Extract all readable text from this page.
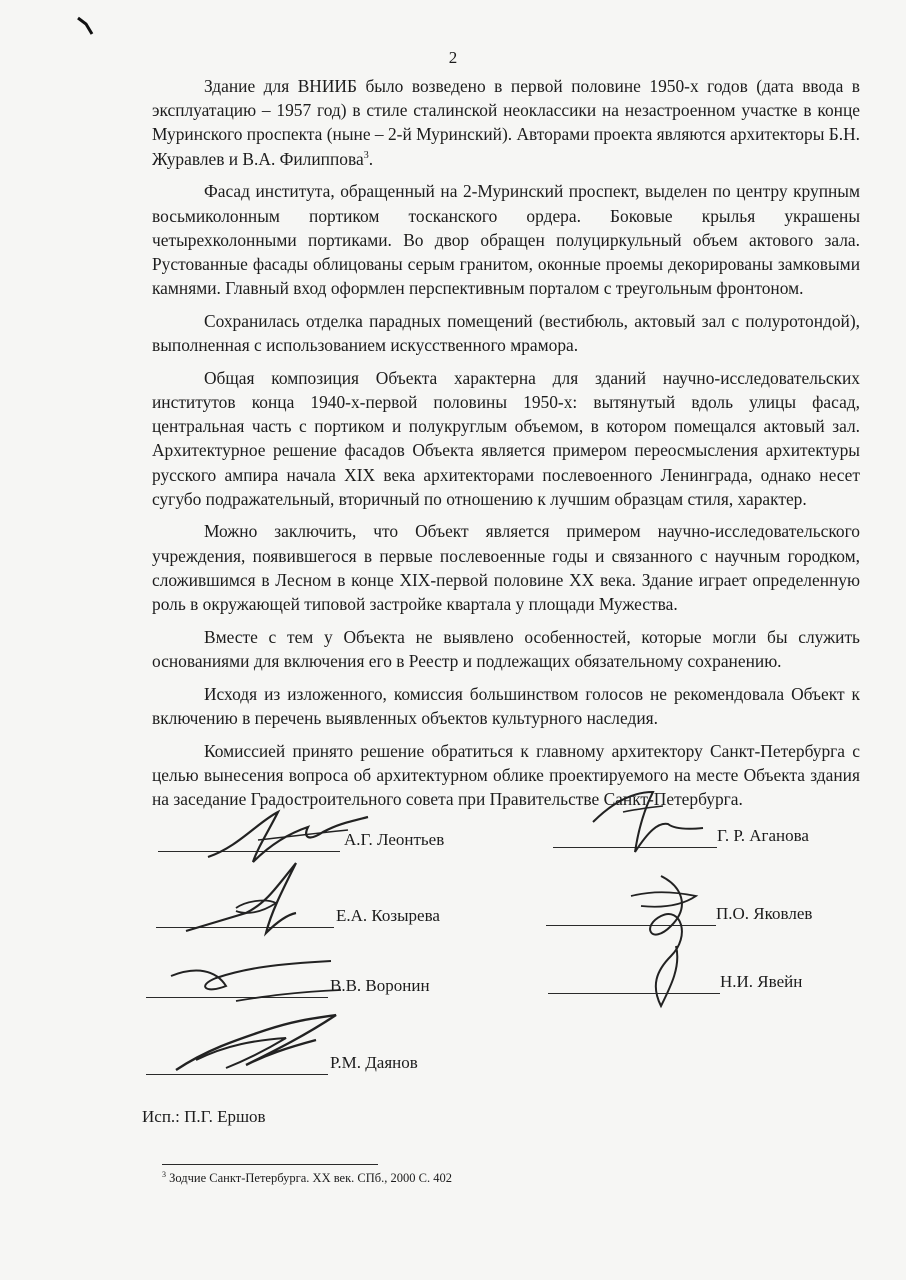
2

Здание для ВНИИБ было возведено в первой половине 1950-х годов (дата ввода в эксплуатацию – 1957 год) в стиле сталинской неоклассики на незастроенном участке в конце Муринского проспекта (ныне – 2-й Муринский). Авторами проекта являются архитекторы Б.Н. Журавлев и В.А. Филиппова$^3$.

Фасад института, обращенный на 2-Муринский проспект, выделен по центру крупным восьмиколонным портиком тосканского ордера. Боковые крылья украшены четырехколонными портиками. Во двор обращен полуциркульный объем актового зала. Рустованные фасады облицованы серым гранитом, оконные проемы декорированы замковыми камнями. Главный вход оформлен перспективным порталом с треугольным фронтоном.

Сохранилась отделка парадных помещений (вестибюль, актовый зал с полуротондой), выполненная с использованием искусственного мрамора.

Общая композиция Объекта характерна для зданий научно-исследовательских институтов конца 1940-х-первой половины 1950-х: вытянутый вдоль улицы фасад, центральная часть с портиком и полукруглым объемом, в котором помещался актовый зал. Архитектурное решение фасадов Объекта является примером переосмысления архитектуры русского ампира начала XIX века архитекторами послевоенного Ленинграда, однако несет сугубо подражательный, вторичный по отношению к лучшим образцам стиля, характер.

Можно заключить, что Объект является примером научно-исследовательского учреждения, появившегося в первые послевоенные годы и связанного с научным городком, сложившимся в Лесном в конце XIX-первой половине XX века. Здание играет определенную роль в окружающей типовой застройке квартала у площади Мужества.

Вместе с тем у Объекта не выявлено особенностей, которые могли бы служить основаниями для включения его в Реестр и подлежащих обязательному сохранению.

Исходя из изложенного, комиссия большинством голосов не рекомендовала Объект к включению в перечень выявленных объектов культурного наследия.

Комиссией принято решение обратиться к главному архитектору Санкт-Петербурга с целью вынесения вопроса об архитектурном облике проектируемого на месте Объекта здания на заседание Градостроительного совета при Правительстве Санкт-Петербурга.

А.Г. Леонтьев
Е.А. Козырева
В.В. Воронин
Р.М. Даянов
Г. Р. Аганова
П.О. Яковлев
Н.И. Явейн
Исп.: П.Г. Ершов
$^3$ Зодчие Санкт-Петербурга. XX век. СПб., 2000 С. 402
